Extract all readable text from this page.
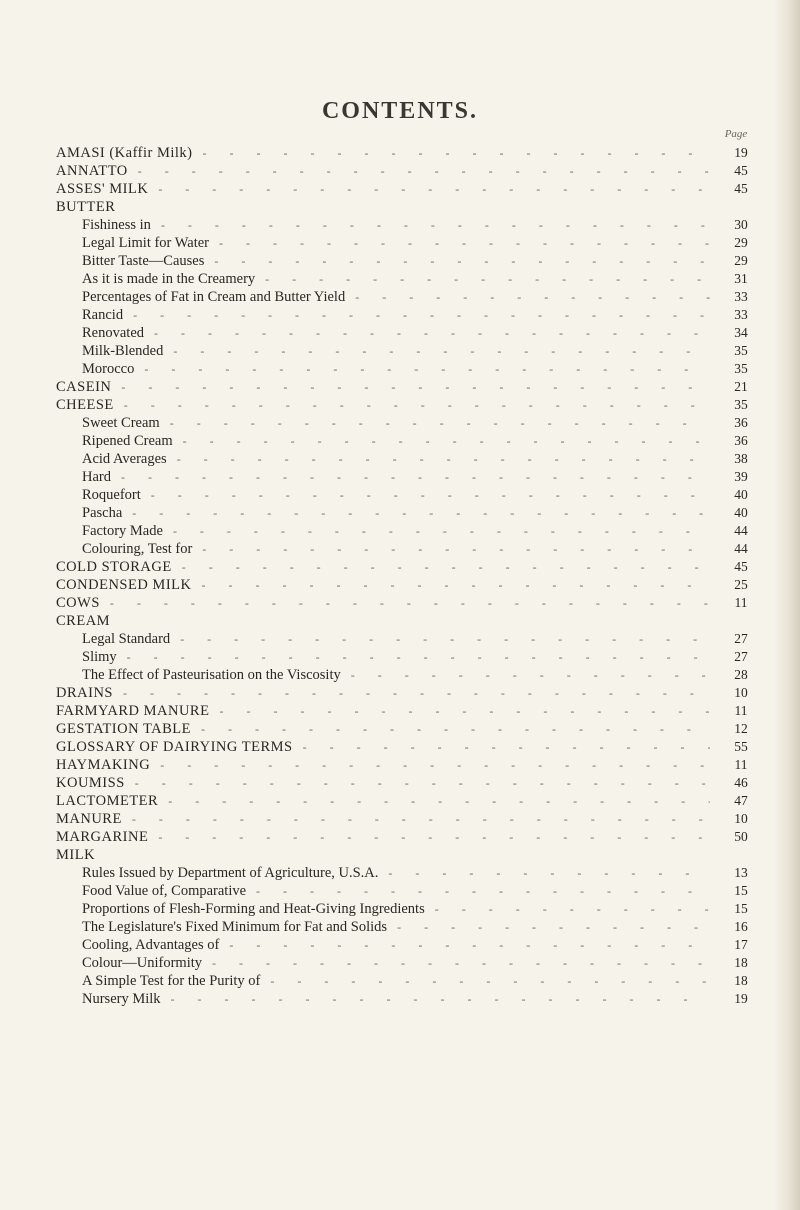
CONTENTS.
Page
AMASI (Kaffir Milk) - - -	19
ANNATTO - - -	45
ASSES' MILK - - -	45
BUTTER
Fishiness in - - -	30
Legal Limit for Water - - -	29
Bitter Taste—Causes - - -	29
As it is made in the Creamery - - -	31
Percentages of Fat in Cream and Butter Yield - - -	33
Rancid - - -	33
Renovated - - -	34
Milk-Blended - - -	35
Morocco - - -	35
CASEIN - - -	21
CHEESE - - -	35
Sweet Cream - - -	36
Ripened Cream - - -	36
Acid Averages - - -	38
Hard - - -	39
Roquefort - - -	40
Pascha - - -	40
Factory Made - - -	44
Colouring, Test for - - -	44
COLD STORAGE - - -	45
CONDENSED MILK - - -	25
COWS - - -	11
CREAM
Legal Standard - - -	27
Slimy - - -	27
The Effect of Pasteurisation on the Viscosity - - -	28
DRAINS - - -	10
FARMYARD MANURE - - -	11
GESTATION TABLE - - -	12
GLOSSARY OF DAIRYING TERMS - - -	55
HAYMAKING - - -	11
KOUMISS - - -	46
LACTOMETER - - -	47
MANURE - - -	10
MARGARINE - - -	50
MILK
Rules Issued by Department of Agriculture, U.S.A. - - -	13
Food Value of, Comparative - - -	15
Proportions of Flesh-Forming and Heat-Giving Ingredients - - -	15
The Legislature's Fixed Minimum for Fat and Solids - - -	16
Cooling, Advantages of - - -	17
Colour—Uniformity - - -	18
A Simple Test for the Purity of - - -	18
Nursery Milk - - -	19
